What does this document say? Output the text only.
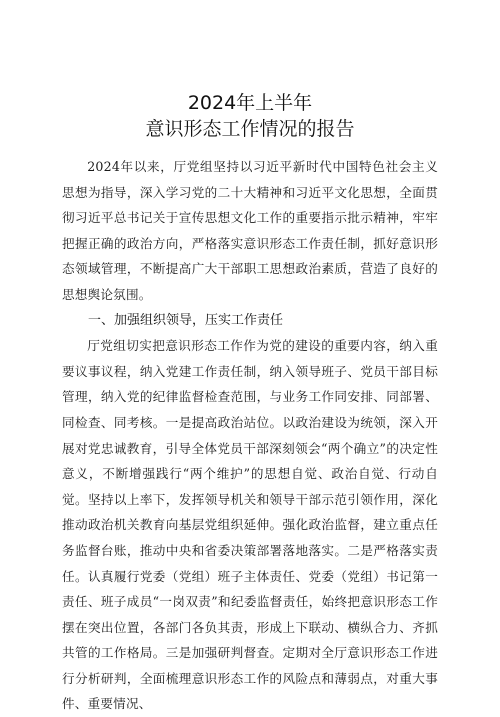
2024年上半年
意识形态工作情况的报告

2024年以来，厅党组坚持以习近平新时代中国特色社会主义思想为指导，深入学习党的二十大精神和习近平文化思想，全面贯彻习近平总书记关于宣传思想文化工作的重要指示批示精神，牢牢把握正确的政治方向，严格落实意识形态工作责任制，抓好意识形态领域管理，不断提高广大干部职工思想政治素质，营造了良好的思想舆论氛围。

一、加强组织领导，压实工作责任

厅党组切实把意识形态工作作为党的建设的重要内容，纳入重要议事议程，纳入党建工作责任制，纳入领导班子、党员干部目标管理，纳入党的纪律监督检查范围，与业务工作同安排、同部署、同检查、同考核。一是提高政治站位。以政治建设为统领，深入开展对党忠诚教育，引导全体党员干部深刻领会“两个确立”的决定性意义，不断增强践行“两个维护”的思想自觉、政治自觉、行动自觉。坚持以上率下，发挥领导机关和领导干部示范引领作用，深化推动政治机关教育向基层党组织延伸。强化政治监督，建立重点任务监督台账，推动中央和省委决策部署落地落实。二是严格落实责任。认真履行党委（党组）班子主体责任、党委（党组）书记第一责任、班子成员“一岗双责”和纪委监督责任，始终把意识形态工作摆在突出位置，各部门各负其责，形成上下联动、横纵合力、齐抓共管的工作格局。三是加强研判督查。定期对全厅意识形态工作进行分析研判，全面梳理意识形态工作的风险点和薄弱点，对重大事件、重要情况、
